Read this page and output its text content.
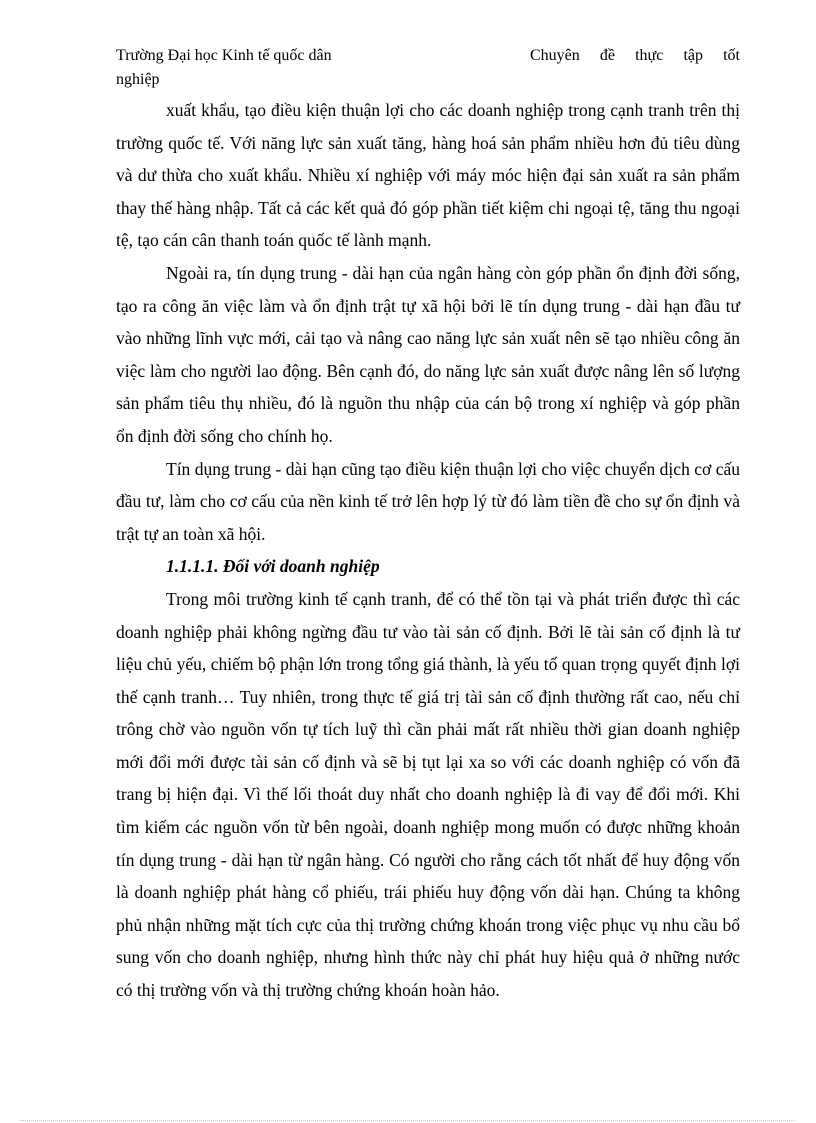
Trường Đại học Kinh tế quốc dân	Chuyên đề thực tập tốt
nghiệp

xuất khẩu, tạo điều kiện thuận lợi cho các doanh nghiệp trong cạnh tranh trên thị trường quốc tế. Với năng lực sản xuất tăng, hàng hoá sản phẩm nhiều hơn đủ tiêu dùng và dư thừa cho xuất khẩu. Nhiều xí nghiệp với máy móc hiện đại sản xuất ra sản phẩm thay thế hàng nhập. Tất cả các kết quả đó góp phần tiết kiệm chi ngoại tệ, tăng thu ngoại tệ, tạo cán cân thanh toán quốc tế lành mạnh.

Ngoài ra, tín dụng trung - dài hạn của ngân hàng còn góp phần ổn định đời sống, tạo ra công ăn việc làm và ổn định trật tự xã hội bởi lẽ tín dụng trung - dài hạn đầu tư vào những lĩnh vực mới, cải tạo và nâng cao năng lực sản xuất nên sẽ tạo nhiều công ăn việc làm cho người lao động. Bên cạnh đó, do năng lực sản xuất được nâng lên số lượng sản phẩm tiêu thụ nhiều, đó là nguồn thu nhập của cán bộ trong xí nghiệp và góp phần ổn định đời sống cho chính họ.

Tín dụng trung - dài hạn cũng tạo điều kiện thuận lợi cho việc chuyển dịch cơ cấu đầu tư, làm cho cơ cấu của nền kinh tế trở lên hợp lý từ đó làm tiền đề cho sự ổn định và trật tự an toàn xã hội.

1.1.1.1. Đối với doanh nghiệp

Trong môi trường kinh tế cạnh tranh, để có thể tồn tại và phát triển được thì các doanh nghiệp phải không ngừng đầu tư vào tài sản cố định. Bởi lẽ tài sản cố định là tư liệu chủ yếu, chiếm bộ phận lớn trong tổng giá thành, là yếu tố quan trọng quyết định lợi thế cạnh tranh… Tuy nhiên, trong thực tế giá trị tài sản cố định thường rất cao, nếu chỉ trông chờ vào nguồn vốn tự tích luỹ thì cần phải mất rất nhiều thời gian doanh nghiệp mới đổi mới được tài sản cố định và sẽ bị tụt lại xa so với các doanh nghiệp có vốn đã trang bị hiện đại. Vì thế lối thoát duy nhất cho doanh nghiệp là đi vay để đổi mới. Khi tìm kiếm các nguồn vốn từ bên ngoài, doanh nghiệp mong muốn có được những khoản tín dụng trung - dài hạn từ ngân hàng. Có người cho rằng cách tốt nhất để huy động vốn là doanh nghiệp phát hàng cổ phiếu, trái phiếu huy động vốn dài hạn. Chúng ta không phủ nhận những mặt tích cực của thị trường chứng khoán trong việc phục vụ nhu cầu bổ sung vốn cho doanh nghiệp, nhưng hình thức này chỉ phát huy hiệu quả ở những nước có thị trường vốn và thị trường chứng khoán hoàn hảo.
